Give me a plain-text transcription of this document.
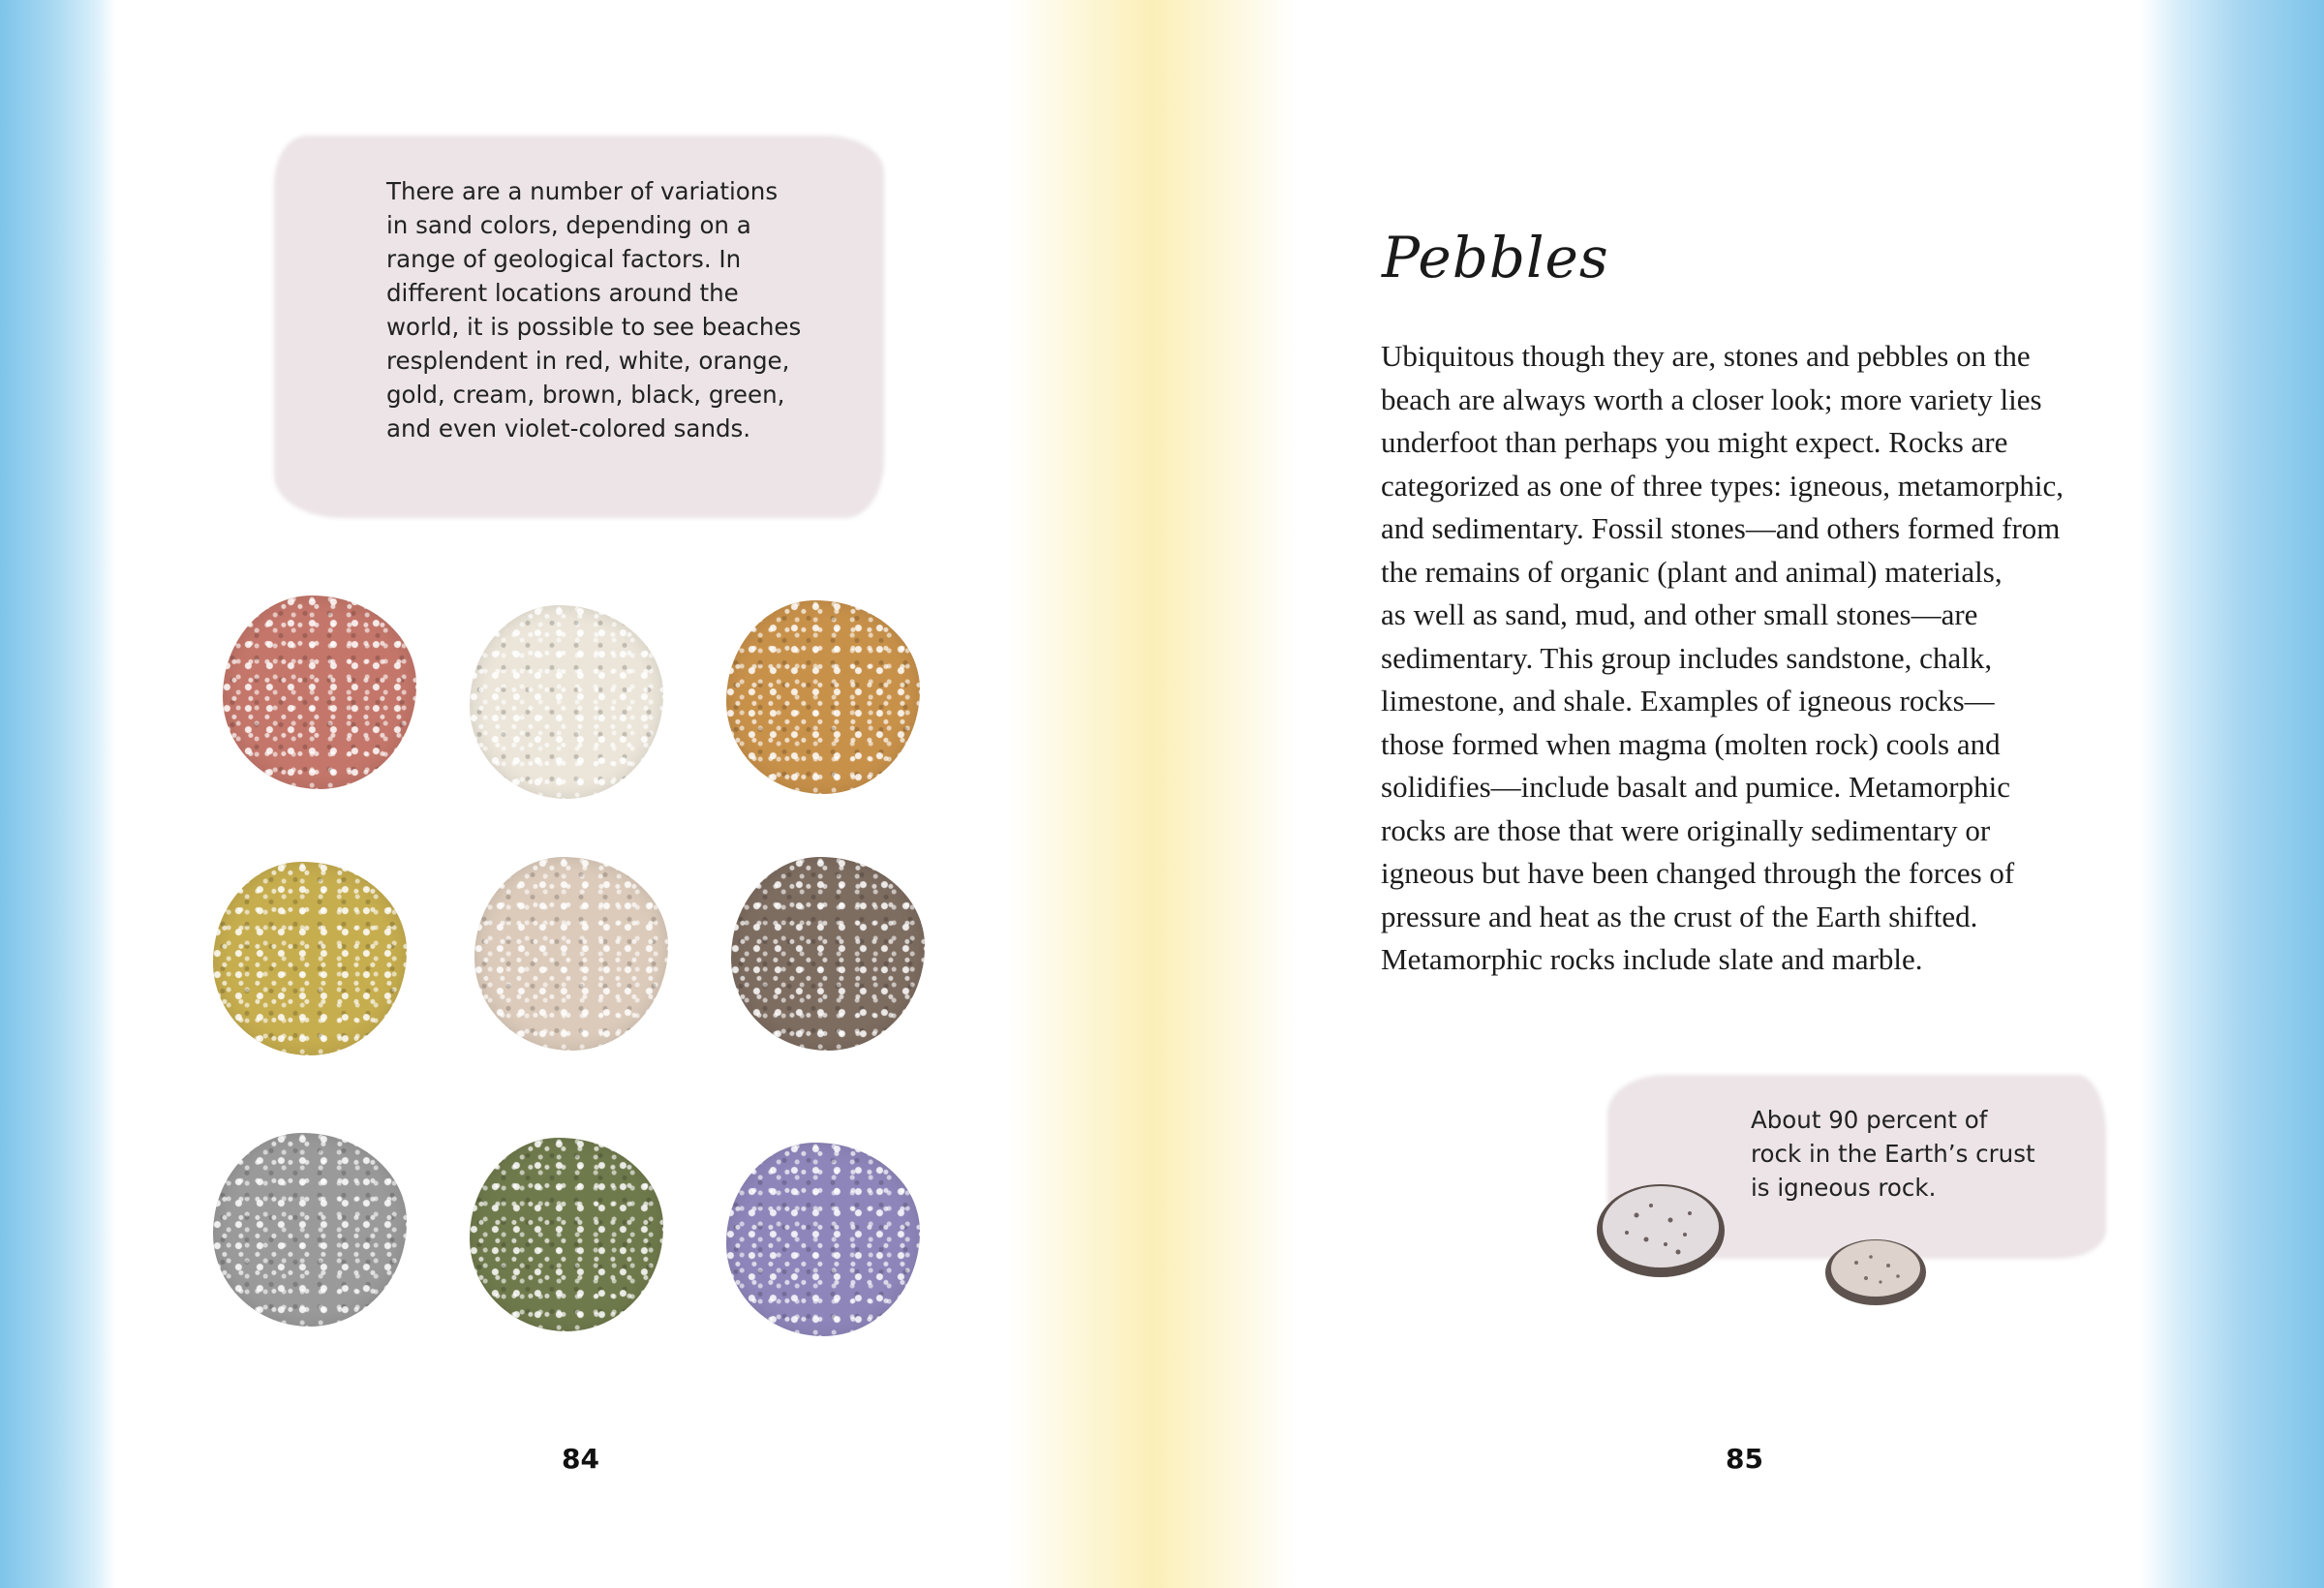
There are a number of variations
in sand colors, depending on a
range of geological factors. In
different locations around the
world, it is possible to see beaches
resplendent in red, white, orange,
gold, cream, brown, black, green,
and even violet-colored sands.
84
Pebbles
Ubiquitous though they are, stones and pebbles on the
beach are always worth a closer look; more variety lies
underfoot than perhaps you might expect. Rocks are
categorized as one of three types: igneous, metamorphic,
and sedimentary. Fossil stones—and others formed from
the remains of organic (plant and animal) materials,
as well as sand, mud, and other small stones—are
sedimentary. This group includes sandstone, chalk,
limestone, and shale. Examples of igneous rocks—
those formed when magma (molten rock) cools and
solidifies—include basalt and pumice. Metamorphic
rocks are those that were originally sedimentary or
igneous but have been changed through the forces of
pressure and heat as the crust of the Earth shifted.
Metamorphic rocks include slate and marble.
About 90 percent of
rock in the Earth’s crust
is igneous rock.
85
